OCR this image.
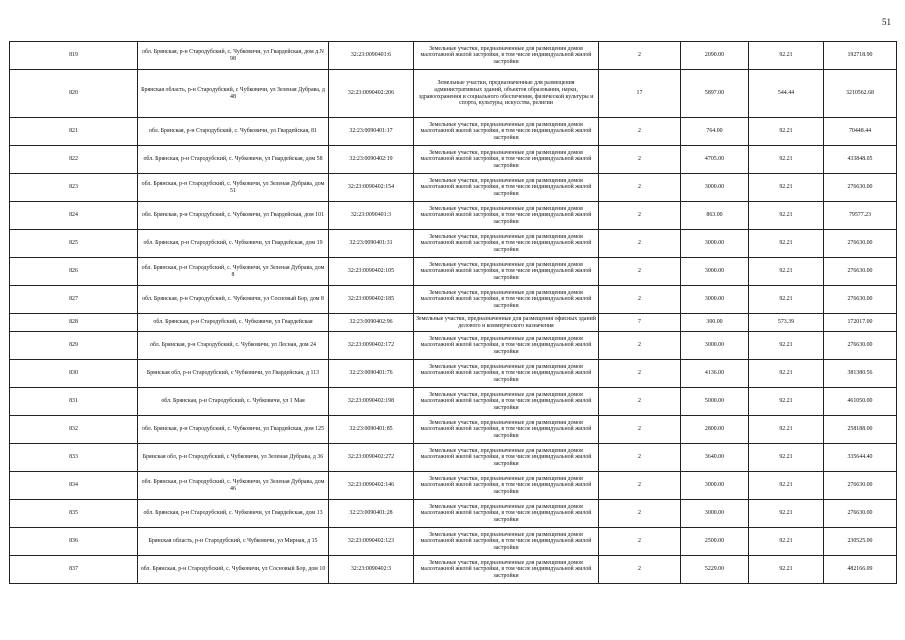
51
819	обл. Брянская, р-н Стародубский, с. Чубковичи, ул Гвардейская, дом д.N 98	32:23:0090401:6	Земельные участки, предназначенные для размещения домов малоэтажной жилой застройки, в том числе индивидуальной жилой застройки	2	2090.00	92.21	192718.90
820	Брянская область, р-н Стародубский, с Чубковичи, ул Зеленая Дубрава, д 48	32:23:0090402:206	Земельные участки, предназначенные для размещения административных зданий, объектов образования, науки, здравоохранения и социального обеспечения, физической культуры и спорта, культуры, искусства, религии	17	5897.00	544.44	3210562.68
821	обл. Брянская, р-н Стародубский, с. Чубковичи, ул Гвардейская, 81	32:23:0090401:17	Земельные участки, предназначенные для размещения домов малоэтажной жилой застройки, в том числе индивидуальной жилой застройки	2	764.00	92.21	70448.44
822	обл. Брянская, р-н Стародубский, с. Чубковичи, ул Гвардейская, дом 58	32:23:0090402:19	Земельные участки, предназначенные для размещения домов малоэтажной жилой застройки, в том числе индивидуальной жилой застройки	2	4705.00	92.21	433848.05
823	обл. Брянская, р-н Стародубский, с. Чубковичи, ул Зеленая Дубрава, дом 51	32:23:0090402:154	Земельные участки, предназначенные для размещения домов малоэтажной жилой застройки, в том числе индивидуальной жилой застройки	2	3000.00	92.21	276630.00
824	обл. Брянская, р-н Стародубский, с. Чубковичи, ул Гвардейская, дом 101	32:23:0090401:3	Земельные участки, предназначенные для размещения домов малоэтажной жилой застройки, в том числе индивидуальной жилой застройки	2	863.00	92.21	79577.23
825	обл. Брянская, р-н Стародубский, с. Чубковичи, ул Гвардейская, дом 19	32:23:0090401:31	Земельные участки, предназначенные для размещения домов малоэтажной жилой застройки, в том числе индивидуальной жилой застройки	2	3000.00	92.21	276630.00
826	обл. Брянская, р-н Стародубский, с. Чубковичи, ул Зеленая Дубрава, дом 8	32:23:0090402:105	Земельные участки, предназначенные для размещения домов малоэтажной жилой застройки, в том числе индивидуальной жилой застройки	2	3000.00	92.21	276630.00
827	обл. Брянская, р-н Стародубский, с. Чубковичи, ул Сосновый Бор, дом 8	32:23:0090402:185	Земельные участки, предназначенные для размещения домов малоэтажной жилой застройки, в том числе индивидуальной жилой застройки	2	3000.00	92.21	276630.00
828	обл. Брянская, р-н Стародубский, с. Чубковичи, ул Гвардейская	32:23:0090402:96	Земельные участки, предназначенные для размещения офисных зданий делового и коммерческого назначения	7	300.00	573.39	172017.00
829	обл. Брянская, р-н Стародубский, с. Чубковичи, ул Лесная, дом 24	32:23:0090402:172	Земельные участки, предназначенные для размещения домов малоэтажной жилой застройки, в том числе индивидуальной жилой застройки	2	3000.00	92.21	276630.00
830	Брянская обл, р-н Стародубский, с Чубковичи, ул Гвардейская, д 113	32:23:0090401:76	Земельные участки, предназначенные для размещения домов малоэтажной жилой застройки, в том числе индивидуальной жилой застройки	2	4136.00	92.21	381380.56
831	обл. Брянская, р-н Стародубский, с. Чубковичи, ул 1 Мая	32:23:0090402:198	Земельные участки, предназначенные для размещения домов малоэтажной жилой застройки, в том числе индивидуальной жилой застройки	2	5000.00	92.21	461050.00
832	обл. Брянская, р-н Стародубский, с. Чубковичи, ул Гвардейская, дом 125	32:23:0090401:85	Земельные участки, предназначенные для размещения домов малоэтажной жилой застройки, в том числе индивидуальной жилой застройки	2	2800.00	92.21	258188.00
833	Брянская обл, р-н Стародубский, с Чубковичи, ул Зеленая Дубрава, д 36	32:23:0090402:272	Земельные участки, предназначенные для размещения домов малоэтажной жилой застройки, в том числе индивидуальной жилой застройки	2	3640.00	92.21	335644.40
834	обл. Брянская, р-н Стародубский, с. Чубковичи, ул Зеленая Дубрава, дом 46	32:23:0090402:146	Земельные участки, предназначенные для размещения домов малоэтажной жилой застройки, в том числе индивидуальной жилой застройки	2	3000.00	92.21	276630.00
835	обл. Брянская, р-н Стародубский, с. Чубковичи, ул Гвардейская, дом 13	32:23:0090401:28	Земельные участки, предназначенные для размещения домов малоэтажной жилой застройки, в том числе индивидуальной жилой застройки	2	3000.00	92.21	276630.00
836	Брянская область, р-н Стародубский, с Чубковичи, ул Мирная, д 15	32:23:0090402:123	Земельные участки, предназначенные для размещения домов малоэтажной жилой застройки, в том числе индивидуальной жилой застройки	2	2500.00	92.21	230525.00
837	обл. Брянская, р-н Стародубский, с. Чубковичи, ул Сосновый Бор, дом 10	32:23:0090402:3	Земельные участки, предназначенные для размещения домов малоэтажной жилой застройки, в том числе индивидуальной жилой застройки	2	5229.00	92.21	482166.09
